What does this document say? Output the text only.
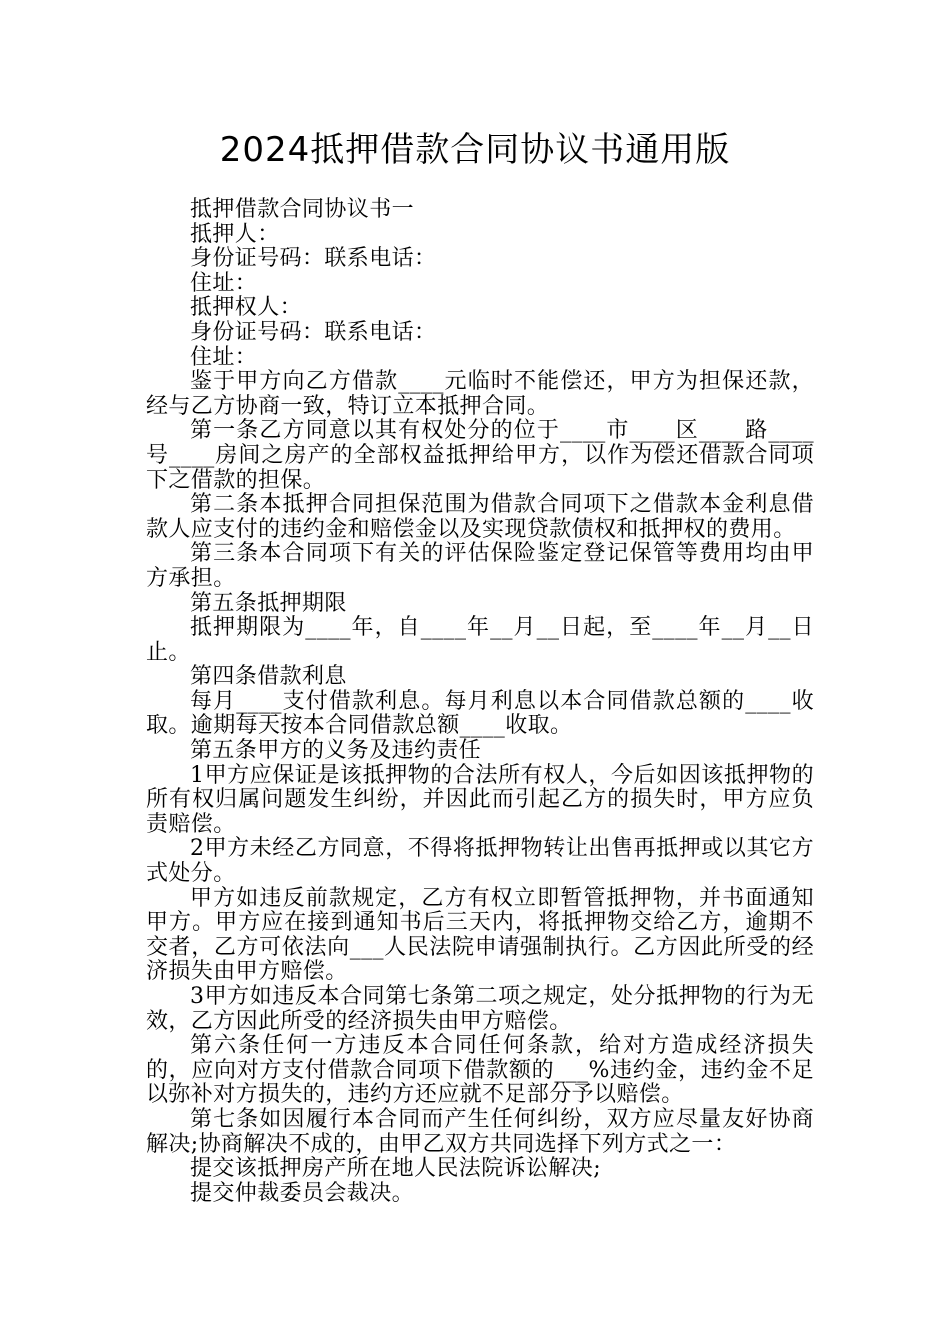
2024抵押借款合同协议书通用版

抵押借款合同协议书一

抵押人：

身份证号码：联系电话：

住址：

抵押权人：

身份证号码：联系电话：

住址：

鉴于甲方向乙方借款____元临时不能偿还，甲方为担保还款，经与乙方协商一致，特订立本抵押合同。

第一条乙方同意以其有权处分的位于____市____区____路____号____房间之房产的全部权益抵押给甲方，以作为偿还借款合同项下之借款的担保。

第二条本抵押合同担保范围为借款合同项下之借款本金利息借款人应支付的违约金和赔偿金以及实现贷款债权和抵押权的费用。

第三条本合同项下有关的评估保险鉴定登记保管等费用均由甲方承担。

第五条抵押期限

抵押期限为____年，自____年__月__日起，至____年__月__日止。

第四条借款利息

每月____支付借款利息。每月利息以本合同借款总额的____收取。逾期每天按本合同借款总额____收取。

第五条甲方的义务及违约责任

1甲方应保证是该抵押物的合法所有权人，今后如因该抵押物的所有权归属问题发生纠纷，并因此而引起乙方的损失时，甲方应负责赔偿。

2甲方未经乙方同意，不得将抵押物转让出售再抵押或以其它方式处分。

甲方如违反前款规定，乙方有权立即暂管抵押物，并书面通知甲方。甲方应在接到通知书后三天内，将抵押物交给乙方，逾期不交者，乙方可依法向___人民法院申请强制执行。乙方因此所受的经济损失由甲方赔偿。

3甲方如违反本合同第七条第二项之规定，处分抵押物的行为无效，乙方因此所受的经济损失由甲方赔偿。

第六条任何一方违反本合同任何条款，给对方造成经济损失的，应向对方支付借款合同项下借款额的___%违约金，违约金不足以弥补对方损失的，违约方还应就不足部分予以赔偿。

第七条如因履行本合同而产生任何纠纷，双方应尽量友好协商解决;协商解决不成的，由甲乙双方共同选择下列方式之一：

提交该抵押房产所在地人民法院诉讼解决;

提交仲裁委员会裁决。
